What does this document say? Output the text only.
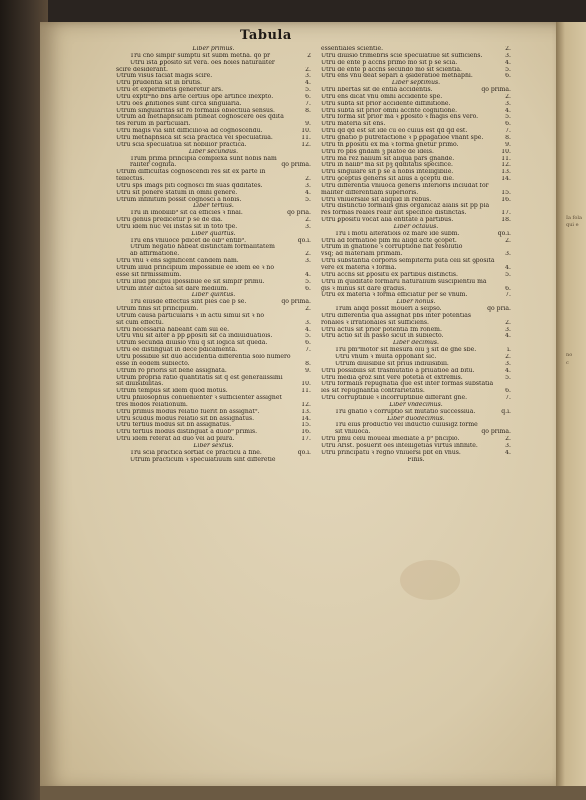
Ia fola
qui e
no
c
Tabula
Liber primus.
Trũ cno simplr sumptũ sit subm metha. q̃o pr	2
Utrũ ista ꝑposito sit vera. oẽs hoĩes naturaliter
scire desiderant.	2.
Utrum visus faciat magis scire.	3.
Utrũ prudentia sit in brutis.	4.
Utrũ et experimẽtis generetur ars.	5.
Utrũ exptr̃ᵒhõ bñs artẽ certius opẽ artifice inexpto.	6.
Utrũ oẽs ꝓnitiones sunt circa singularia.	7.
Utrum singularitas sit rõ formalis obiectiua sensus.	8.
Utrum ad methaphsicam ptineat cognoscere oẽs qdita
tes rerum in particulari.	9.
Utrũ magis via sint difficilioꝛa ad cognoscendũ.	10.
Utrũ methaphsica sit scia practica vel speculatiua.	11.
Utrũ scia speculatiua sit nobilior practica.	12.
Liber secundus.
Trum prima principia complexa sunt nobis nam
raliter cognita.	q̃o prima.
Utrum difficultas cognoscendi res sit ex parte in
tellectus.	2.
Utrũ sp̃s imãgs piti cognosci fm suas qdditates.	3.
Utrũ sit ponere statum in omni genere.	4.
Utrum infinitum possit cognosci a nobis.	5.
Liber tertius.
Trũ in imobilib⁹ sit cã efficiẽs ꝛ final.	q̃o pria.
Utrũ genus predicetur p se de dĩa.	2.
Utrũ idem nũc vel instãs sit in toto tpe.	3.
Liber quartus.
Trũ ens vniuoce pdicet de oĩb⁹ entib⁹.	q̃o.i.
Utrum negatio habeat distinctam formalitatem
ab affirmatione.	2.
Utrũ vnũ ꝛ ens significent candem nãm.	3.
Utrum illud principium impossibile ẽẽ idem ẽẽ ꝛ nõ
esse sit firmissimum.	4.
Utrũ illud pncipiũ ipossibile ẽẽ sit simplr primũ.	5.
Utrum inter dictõa sit dare medium.	6.
Liber quintus.
Trũ eiusdẽ effectus sint plẽs cãe p se.	q̃o prima.
Utrum finis sit principium.	2.
Utrum causa particularis ꝛ in actu simul sit ꝛ nõ
sit cum effectu.	3.
Utrũ necessaria habeant cãm sui ẽẽ.	4.
Utrũ vnũ sit alter a pp ꝑpositi sit cã indiuiduatiõis.	5.
Utrum secunda diuisio vnũ q̃ sit logica sit quẽda.	6.
Utrũ eẽ distinguat in decẽ p̃dicamenta.	7.
Utrũ possibile sit duo accidentia differentia solo numero
esse in eodem subiecto.	8.
Utrum rõ prioris sit bene assignata.	9.
Utrum propria ratio quantitatis sit q̃ est generalissimi
sit diuisibilitas.	10.
Utrum tempus sit idem quod motus.	11.
Utrũ philosophus conuenienter ꝛ sufficienter assignet
tres modos relationum.	12.
Utrũ primus modus relatiõ fuerit bñ assignat⁹.	13.
Utrũ scũdus modus relatiõ sit bñ assignatus.	14.
Utrũ tertius modus sit bñ assignatus.	15.
Utrũ tertius modus distinguat a duob⁹ primis.	16.
Utrũ idem referat ad duo vel ad plura.	17.
Liber sextus.
Trũ scia practica sortiat cẽ practicũ a fine.	q̃o.i.
Utrum practicum ꝛ speculatiuum sint differẽtie
essentiales scientie.	2.
Utrũ diuisio trimẽbris scie speculatiue sit sufficiens.	3.
Utrũ de ente p accñs primo mõ sit p se scia.	4.
Utrũ de ente p accñs secundo mõ sit scientia.	5.
Utrũ ens vnũ dẽat separi a ꝯsideratiõe methaphi.	6.
Liber septimus.
Utrũ libertas sit de ẽntia accidentis.	q̃o prima.
Utrũ ens dicat vnũ omni accidente spe.	2.
Utrũ subta sit prior accidente diffinitione.	3.
Utrũ subta sit prior omni accñte cognitione.	4.
Utrũ forma sit prior mã ꝛ ꝑposito ꝛ magis ens vero.	5.
Utrũ materia sit ens.	6.
Utrũ q̃d q̃d est sit idẽ cũ eo cuius est q̃d q̃d est.	7.
Utrũ gñatio p putrefactionẽ ꝛ p ꝑpagatiõe vñant sp̃e.	8.
Utrũ tñ ꝑpositũ ex mã ꝛ forma gñetur primo.	9.
Utrũ rõ pbs gñdam ꝫ platoẽ de ideis.	10.
Utrũ mã rez nãlium sit aliqua pars gñande.	11.
Utrũ in nãlib⁹ mã sit pꝫ qdditatis sp̃ecifice.	12.
Utrũ singulare sit p se a nobis intelligibile.	13.
Utrũ ꝯceptus generis sit alius a ꝯceptu dĩe.	14.
Utrũ differentia vniuõca generis inferioris includat for
maliter differentiam superioris.	15.
Utrũ vniuersale sit aliquid in rebus.	16.
Utrũ distinctio formalis gñis organicaz alalis sit pp ̃pla
res formas reales realr aut sp̃ecifice distinctas.	17.
Utrũ ꝑpositũ vocat aliã entitatẽ a partibus.	18.
Liber octauus.
Trũ i motu alteratiõis oz mãre idẽ subm.	q̃o.i.
Utrũ ad formatiõẽ plm mĩ aliqd actẽ ꝯcopet.	2.
Utrum in gñatione ꝛ corruptione fiat resolutio
vsq; ad materiam primam.	3.
Utrũ substantia corporis sempiterni puta celi sit ꝯposita
vere ex materia ꝛ forma.	4.
Utrũ accñs sit ꝑpositũ ex partibus distinctis.	5.
Utrũ in quiditate formarũ naturalium suscipientiũ ma
gis ꝛ minus sit dare gradus.	6.
Utrũ ex materia ꝛ forma efficiatur per se vnum.	7.
Liber nonus.
Trum aliqd possit moueri a seipso.	q̃o pria.
Utrũ differentia quã assignat pbs inter potentias
rõnales ꝛ irrationales sit sufficiens.	2.
Utrũ actus sit prior potentia fm rõnem.	3.
Utrũ actio sit in passo sicut in subiecto.	4.
Liber decimus.
Trũ pm⁹motor sit mẽsura oĩu ꝫ sit de gñe sbe.	i.
Utrũ vnum ꝛ multa opponant sic.	2.
Utrum diuisibile sit prius indiuisibili.	3.
Utrũ possibilis sit trãsmutatio a priuatiõe ad bitũ.	4.
Utrũ media ꝯrõz sint vere potẽtia et extremis.	5.
Utrũ formalis repugnãtia que est inter formas substãtia
les sit repugnantia contrarietatis.	6.
Utrũ corruptibile ꝛ incorruptibile differant gñe.	7.
Liber vndecimus.
Trũ gñatio ꝛ corruptio sit mutatio successiua.	q̃.i.
Liber duodecimus.
Trũ eius productio vel inductio cuiusĩgz forme
sit vniuoca.	q̃o prima.
Utrũ p̃mũ celũ moueaƚ imediatẽ a p⁹ pncipio.	2.
Utrũ Arist. posuerit oẽs intelligẽtias virtus infinite.	3.
Utrũ principatũ ꝛ regno vniuersi pbt ẽn vnus.	4.
Finis.
